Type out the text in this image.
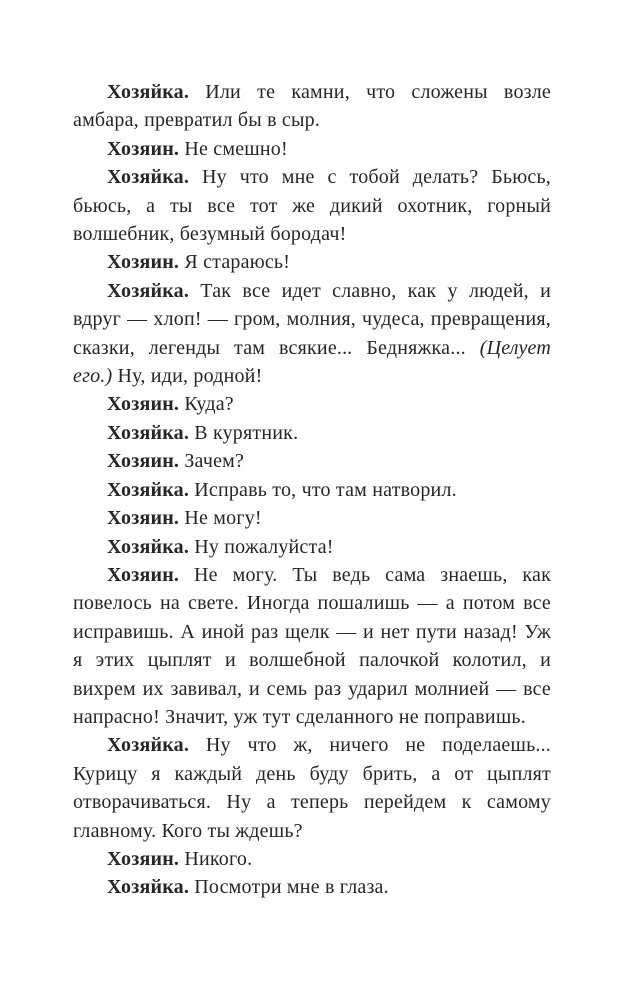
Хозяйка. Или те камни, что сложены возле амбара, превратил бы в сыр.

Хозяин. Не смешно!

Хозяйка. Ну что мне с тобой делать? Бьюсь, бьюсь, а ты все тот же дикий охотник, горный волшебник, безумный бородач!

Хозяин. Я стараюсь!

Хозяйка. Так все идет славно, как у людей, и вдруг — хлоп! — гром, молния, чудеса, превращения, сказки, легенды там всякие... Бедняжка... (Целует его.) Ну, иди, родной!

Хозяин. Куда?

Хозяйка. В курятник.

Хозяин. Зачем?

Хозяйка. Исправь то, что там натворил.

Хозяин. Не могу!

Хозяйка. Ну пожалуйста!

Хозяин. Не могу. Ты ведь сама знаешь, как повелось на свете. Иногда пошалишь — а потом все исправишь. А иной раз щелк — и нет пути назад! Уж я этих цыплят и волшебной палочкой колотил, и вихрем их завивал, и семь раз ударил молнией — все напрасно! Значит, уж тут сделанного не поправишь.

Хозяйка. Ну что ж, ничего не поделаешь... Курицу я каждый день буду брить, а от цыплят отворачиваться. Ну а теперь перейдем к самому главному. Кого ты ждешь?

Хозяин. Никого.

Хозяйка. Посмотри мне в глаза.
